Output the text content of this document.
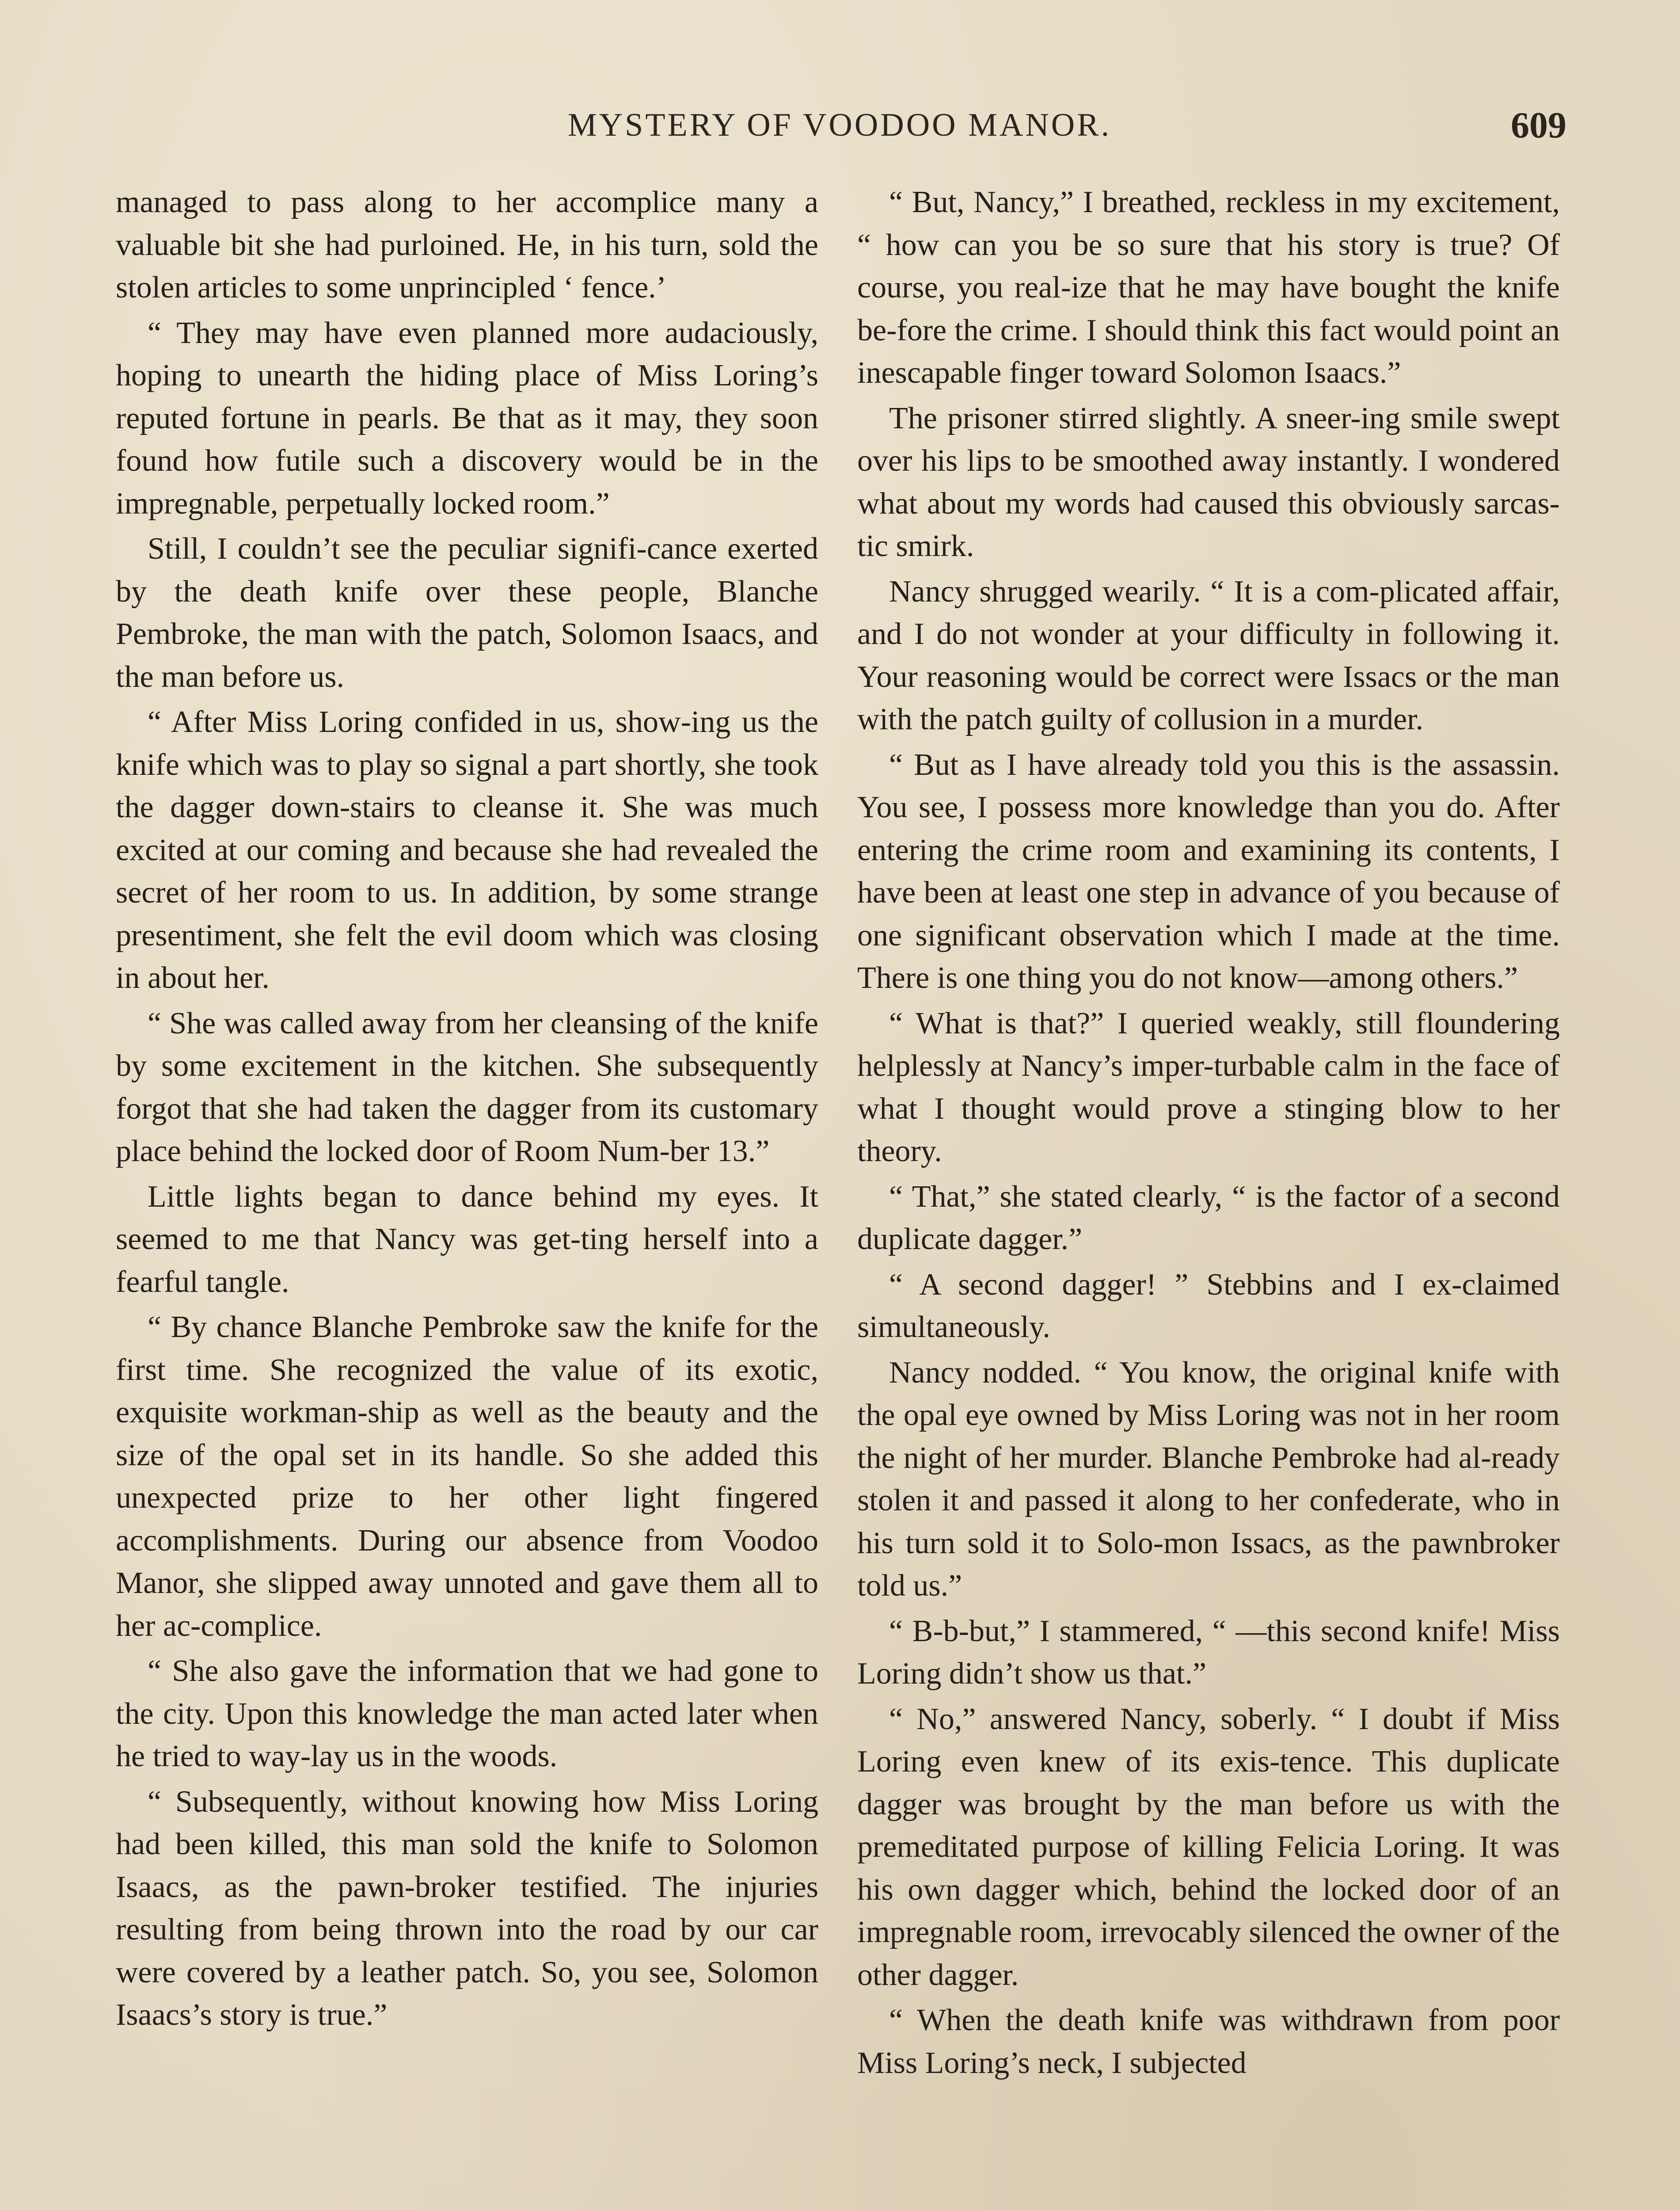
MYSTERY OF VOODOO MANOR.	609

managed to pass along to her accomplice many a valuable bit she had purloined. He, in his turn, sold the stolen articles to some unprincipled ‘ fence.’

“ They may have even planned more audaciously, hoping to unearth the hiding place of Miss Loring’s reputed fortune in pearls. Be that as it may, they soon found how futile such a discovery would be in the impregnable, perpetually locked room.”

Still, I couldn’t see the peculiar signifi-cance exerted by the death knife over these people, Blanche Pembroke, the man with the patch, Solomon Isaacs, and the man before us.

“ After Miss Loring confided in us, show-ing us the knife which was to play so signal a part shortly, she took the dagger down-stairs to cleanse it. She was much excited at our coming and because she had revealed the secret of her room to us. In addition, by some strange presentiment, she felt the evil doom which was closing in about her.

“ She was called away from her cleansing of the knife by some excitement in the kitchen. She subsequently forgot that she had taken the dagger from its customary place behind the locked door of Room Num-ber 13.”

Little lights began to dance behind my eyes. It seemed to me that Nancy was get-ting herself into a fearful tangle.

“ By chance Blanche Pembroke saw the knife for the first time. She recognized the value of its exotic, exquisite workman-ship as well as the beauty and the size of the opal set in its handle. So she added this unexpected prize to her other light fingered accomplishments. During our absence from Voodoo Manor, she slipped away unnoted and gave them all to her ac-complice.

“ She also gave the information that we had gone to the city. Upon this knowledge the man acted later when he tried to way-lay us in the woods.

“ Subsequently, without knowing how Miss Loring had been killed, this man sold the knife to Solomon Isaacs, as the pawn-broker testified. The injuries resulting from being thrown into the road by our car were covered by a leather patch. So, you see, Solomon Isaacs’s story is true.”

“ But, Nancy,” I breathed, reckless in my excitement, “ how can you be so sure that his story is true? Of course, you real-ize that he may have bought the knife be-fore the crime. I should think this fact would point an inescapable finger toward Solomon Isaacs.”

The prisoner stirred slightly. A sneer-ing smile swept over his lips to be smoothed away instantly. I wondered what about my words had caused this obviously sarcas-tic smirk.

Nancy shrugged wearily. “ It is a com-plicated affair, and I do not wonder at your difficulty in following it. Your reasoning would be correct were Issacs or the man with the patch guilty of collusion in a murder.

“ But as I have already told you this is the assassin. You see, I possess more knowledge than you do. After entering the crime room and examining its contents, I have been at least one step in advance of you because of one significant observation which I made at the time. There is one thing you do not know—among others.”

“ What is that?” I queried weakly, still floundering helplessly at Nancy’s imper-turbable calm in the face of what I thought would prove a stinging blow to her theory.

“ That,” she stated clearly, “ is the factor of a second duplicate dagger.”

“ A second dagger! ” Stebbins and I ex-claimed simultaneously.

Nancy nodded. “ You know, the original knife with the opal eye owned by Miss Loring was not in her room the night of her murder. Blanche Pembroke had al-ready stolen it and passed it along to her confederate, who in his turn sold it to Solo-mon Issacs, as the pawnbroker told us.”

“ B-b-but,” I stammered, “ —this second knife! Miss Loring didn’t show us that.”

“ No,” answered Nancy, soberly. “ I doubt if Miss Loring even knew of its exis-tence. This duplicate dagger was brought by the man before us with the premeditated purpose of killing Felicia Loring. It was his own dagger which, behind the locked door of an impregnable room, irrevocably silenced the owner of the other dagger.

“ When the death knife was withdrawn from poor Miss Loring’s neck, I subjected
